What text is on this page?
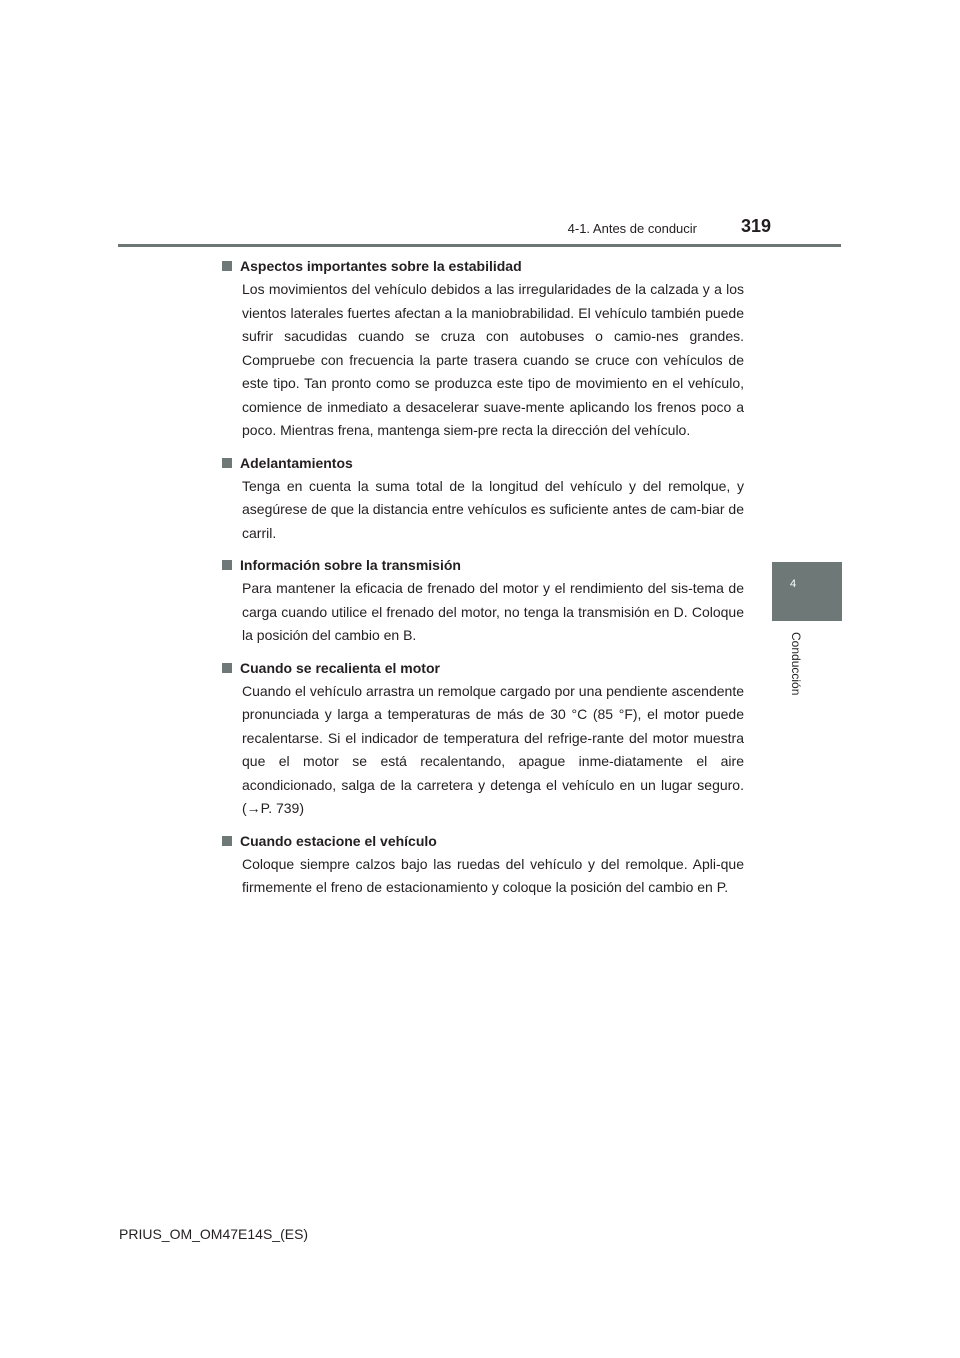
4-1. Antes de conducir 319
4
Conducción
Aspectos importantes sobre la estabilidad

Los movimientos del vehículo debidos a las irregularidades de la calzada y a los vientos laterales fuertes afectan a la maniobrabilidad. El vehículo también puede sufrir sacudidas cuando se cruza con autobuses o camio-nes grandes. Compruebe con frecuencia la parte trasera cuando se cruce con vehículos de este tipo. Tan pronto como se produzca este tipo de movimiento en el vehículo, comience de inmediato a desacelerar suave-mente aplicando los frenos poco a poco. Mientras frena, mantenga siem-pre recta la dirección del vehículo.

Adelantamientos

Tenga en cuenta la suma total de la longitud del vehículo y del remolque, y asegúrese de que la distancia entre vehículos es suficiente antes de cam-biar de carril.

Información sobre la transmisión

Para mantener la eficacia de frenado del motor y el rendimiento del sis-tema de carga cuando utilice el frenado del motor, no tenga la transmisión en D. Coloque la posición del cambio en B.

Cuando se recalienta el motor

Cuando el vehículo arrastra un remolque cargado por una pendiente ascendente pronunciada y larga a temperaturas de más de 30 °C (85 °F), el motor puede recalentarse. Si el indicador de temperatura del refrige-rante del motor muestra que el motor se está recalentando, apague inme-diatamente el aire acondicionado, salga de la carretera y detenga el vehículo en un lugar seguro. (→P. 739)

Cuando estacione el vehículo

Coloque siempre calzos bajo las ruedas del vehículo y del remolque. Apli-que firmemente el freno de estacionamiento y coloque la posición del cambio en P.

PRIUS_OM_OM47E14S_(ES)
